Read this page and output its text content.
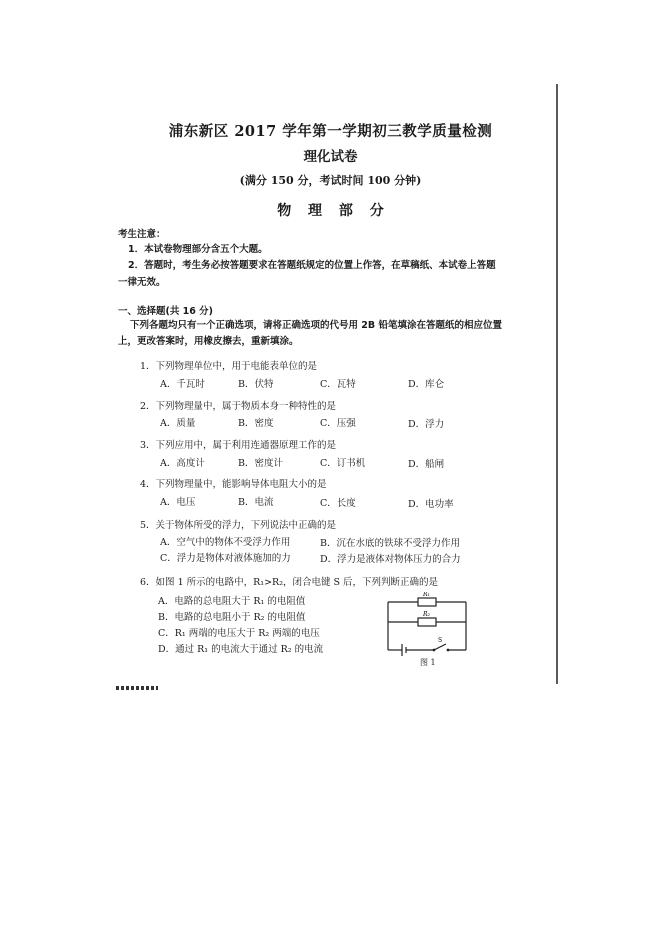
浦东新区 2017 学年第一学期初三教学质量检测
理化试卷
(满分 150 分，考试时间 100 分钟)
物 理 部 分
考生注意：
1．本试卷物理部分含五个大题。
2．答题时，考生务必按答题要求在答题纸规定的位置上作答，在草稿纸、本试卷上答题
一律无效。
一、选择题(共 16 分)
下列各题均只有一个正确选项，请将正确选项的代号用 2B 铅笔填涂在答题纸的相应位置上，更改答案时，用橡皮擦去，重新填涂。
1．下列物理单位中，用于电能表单位的是
A．千瓦时	B．伏特	C．瓦特	D．库仑
2．下列物理量中，属于物质本身一种特性的是
A．质量	B．密度	C．压强	D．浮力
3．下列应用中，属于利用连通器原理工作的是
A．高度计	B．密度计	C．订书机	D．船闸
4．下列物理量中，能影响导体电阻大小的是
A．电压	B．电流	C．长度	D．电功率
5．关于物体所受的浮力，下列说法中正确的是
A．空气中的物体不受浮力作用	B．沉在水底的铁球不受浮力作用
C．浮力是物体对液体施加的力	D．浮力是液体对物体压力的合力
6．如图 1 所示的电路中，R₁>R₂，闭合电键 S 后，下列判断正确的是
A．电路的总电阻大于 R₁ 的电阻值
B．电路的总电阻小于 R₂ 的电阻值
C．R₁ 两端的电压大于 R₂ 两端的电压
D．通过 R₁ 的电流大于通过 R₂ 的电流
R₁
R₂
S
图 1
